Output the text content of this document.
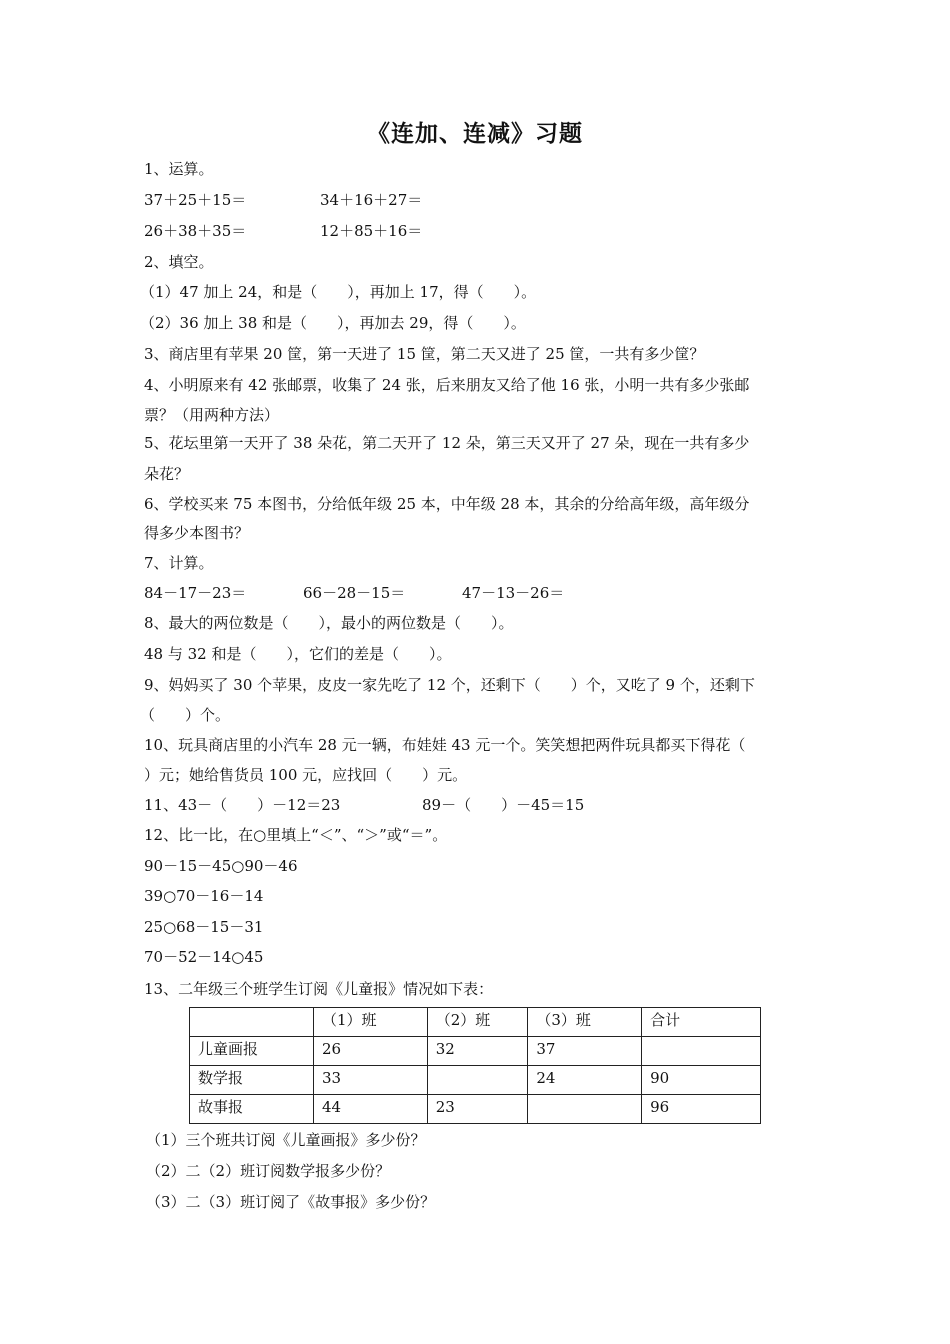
《连加、连减》习题
1、运算。
37＋25＋15＝	34＋16＋27＝
26＋38＋35＝	12＋85＋16＝
2、填空。
（1）47 加上 24，和是（　　），再加上 17，得（　　）。
（2）36 加上 38 和是（　　），再加去 29，得（　　）。
3、商店里有苹果 20 筐，第一天进了 15 筐，第二天又进了 25 筐，一共有多少筐？
4、小明原来有 42 张邮票，收集了 24 张，后来朋友又给了他 16 张，小明一共有多少张邮
票？（用两种方法）
5、花坛里第一天开了 38 朵花，第二天开了 12 朵，第三天又开了 27 朵，现在一共有多少
朵花？
6、学校买来 75 本图书，分给低年级 25 本，中年级 28 本，其余的分给高年级，高年级分
得多少本图书？
7、计算。
84－17－23＝	66－28－15＝	47－13－26＝
8、最大的两位数是（　　），最小的两位数是（　　）。
48 与 32 和是（　　），它们的差是（　　）。
9、妈妈买了 30 个苹果，皮皮一家先吃了 12 个，还剩下（　　）个，又吃了 9 个，还剩下
（　　）个。
10、玩具商店里的小汽车 28 元一辆，布娃娃 43 元一个。笑笑想把两件玩具都买下得花（
）元；她给售货员 100 元，应找回（　　）元。
11、43－（　　）－12＝23	89－（　　）－45＝15
12、比一比，在○里填上“＜”、“＞”或“＝”。
90－15－45○90－46
39○70－16－14
25○68－15－31
70－52－14○45
13、二年级三个班学生订阅《儿童报》情况如下表：
	（1）班	（2）班	（3）班	合计
儿童画报	26	32	37	
数学报	33		24	90
故事报	44	23		96
（1）三个班共订阅《儿童画报》多少份？
（2）二（2）班订阅数学报多少份？
（3）二（3）班订阅了《故事报》多少份？
